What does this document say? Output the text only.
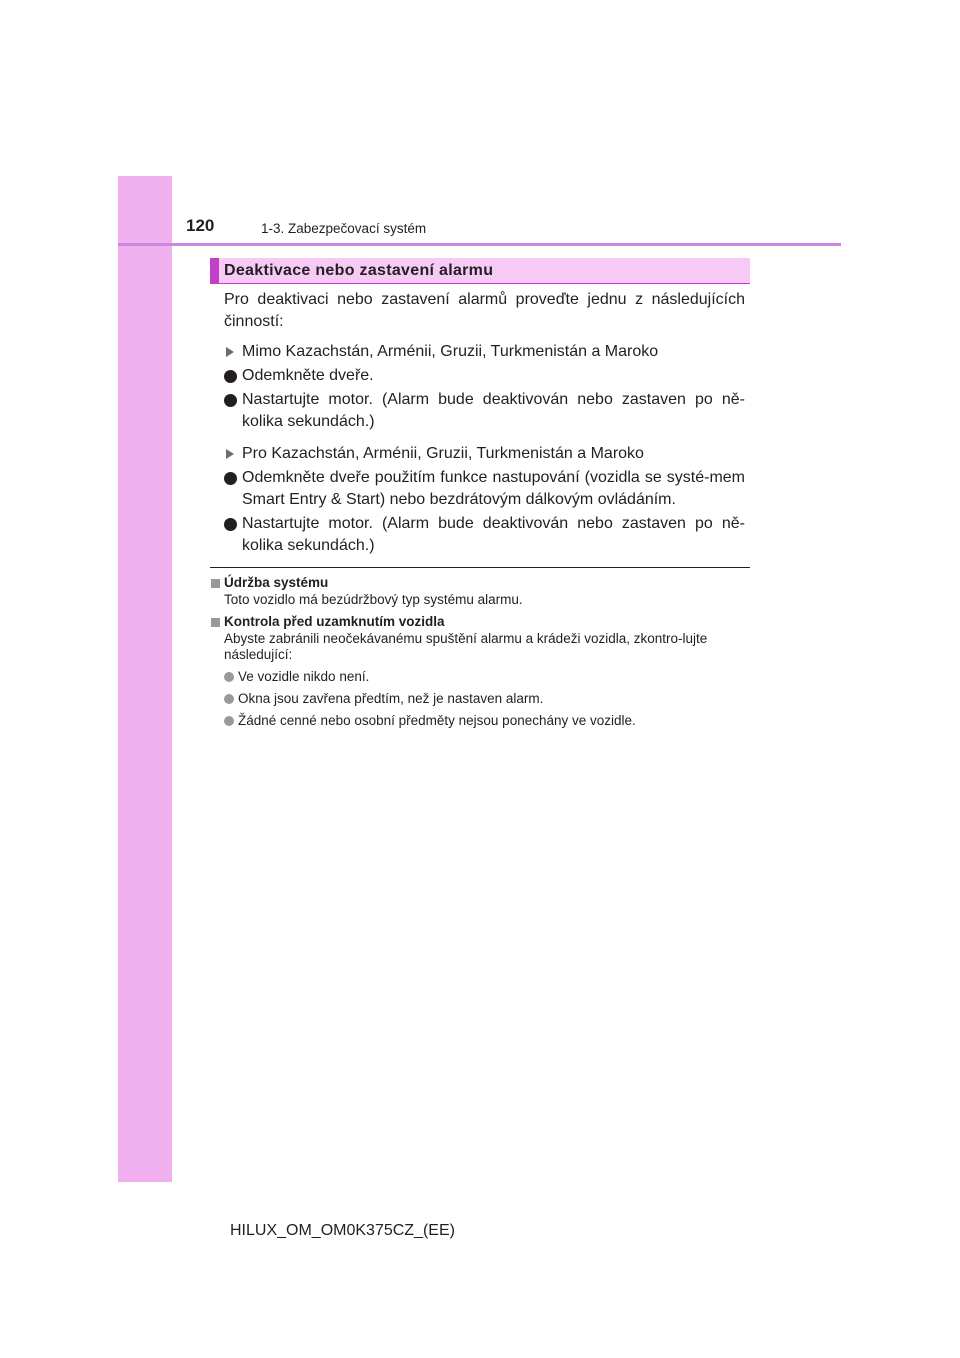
120	1-3. Zabezpečovací systém
Deaktivace nebo zastavení alarmu

Pro deaktivaci nebo zastavení alarmů proveďte jednu z následujících činností:

Mimo Kazachstán, Arménii, Gruzii, Turkmenistán a Maroko
Odemkněte dveře.
Nastartujte motor. (Alarm bude deaktivován nebo zastaven po ně-kolika sekundách.)
Pro Kazachstán, Arménii, Gruzii, Turkmenistán a Maroko
Odemkněte dveře použitím funkce nastupování (vozidla se systé-mem Smart Entry & Start) nebo bezdrátovým dálkovým ovládáním.
Nastartujte motor. (Alarm bude deaktivován nebo zastaven po ně-kolika sekundách.)
Údržba systému
Toto vozidlo má bezúdržbový typ systému alarmu.
Kontrola před uzamknutím vozidla
Abyste zabránili neočekávanému spuštění alarmu a krádeži vozidla, zkontro-lujte následující:
Ve vozidle nikdo není.
Okna jsou zavřena předtím, než je nastaven alarm.
Žádné cenné nebo osobní předměty nejsou ponechány ve vozidle.
HILUX_OM_OM0K375CZ_(EE)
